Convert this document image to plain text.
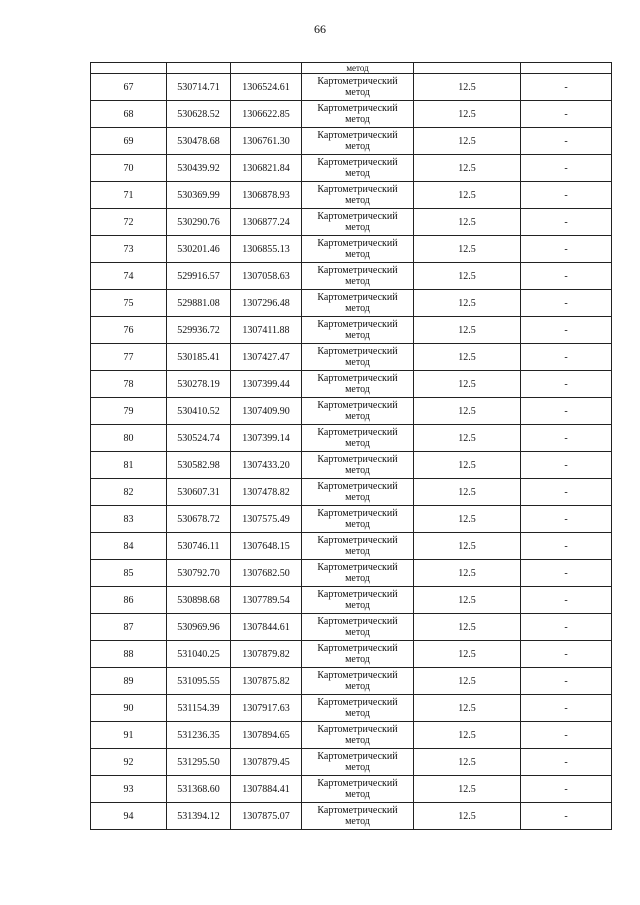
66
			метод		
67	530714.71	1306524.61	Картометрический
метод	12.5	-
68	530628.52	1306622.85	Картометрический
метод	12.5	-
69	530478.68	1306761.30	Картометрический
метод	12.5	-
70	530439.92	1306821.84	Картометрический
метод	12.5	-
71	530369.99	1306878.93	Картометрический
метод	12.5	-
72	530290.76	1306877.24	Картометрический
метод	12.5	-
73	530201.46	1306855.13	Картометрический
метод	12.5	-
74	529916.57	1307058.63	Картометрический
метод	12.5	-
75	529881.08	1307296.48	Картометрический
метод	12.5	-
76	529936.72	1307411.88	Картометрический
метод	12.5	-
77	530185.41	1307427.47	Картометрический
метод	12.5	-
78	530278.19	1307399.44	Картометрический
метод	12.5	-
79	530410.52	1307409.90	Картометрический
метод	12.5	-
80	530524.74	1307399.14	Картометрический
метод	12.5	-
81	530582.98	1307433.20	Картометрический
метод	12.5	-
82	530607.31	1307478.82	Картометрический
метод	12.5	-
83	530678.72	1307575.49	Картометрический
метод	12.5	-
84	530746.11	1307648.15	Картометрический
метод	12.5	-
85	530792.70	1307682.50	Картометрический
метод	12.5	-
86	530898.68	1307789.54	Картометрический
метод	12.5	-
87	530969.96	1307844.61	Картометрический
метод	12.5	-
88	531040.25	1307879.82	Картометрический
метод	12.5	-
89	531095.55	1307875.82	Картометрический
метод	12.5	-
90	531154.39	1307917.63	Картометрический
метод	12.5	-
91	531236.35	1307894.65	Картометрический
метод	12.5	-
92	531295.50	1307879.45	Картометрический
метод	12.5	-
93	531368.60	1307884.41	Картометрический
метод	12.5	-
94	531394.12	1307875.07	Картометрический
метод	12.5	-
